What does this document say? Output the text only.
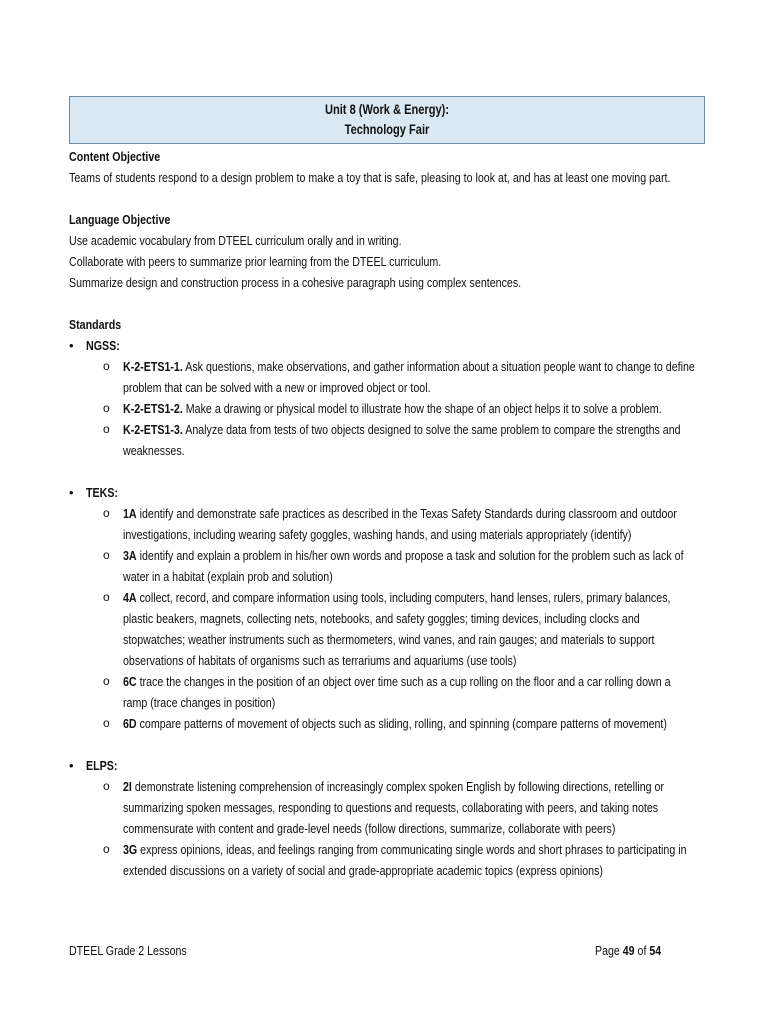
Unit 8 (Work & Energy):
Technology Fair
Content Objective
Teams of students respond to a design problem to make a toy that is safe, pleasing to look at, and has at least one moving part.
Language Objective
Use academic vocabulary from DTEEL curriculum orally and in writing.
Collaborate with peers to summarize prior learning from the DTEEL curriculum.
Summarize design and construction process in a cohesive paragraph using complex sentences.
Standards
• NGSS:
o K-2-ETS1-1. Ask questions, make observations, and gather information about a situation people want to change to define problem that can be solved with a new or improved object or tool.
o K-2-ETS1-2. Make a drawing or physical model to illustrate how the shape of an object helps it to solve a problem.
o K-2-ETS1-3. Analyze data from tests of two objects designed to solve the same problem to compare the strengths and weaknesses.
• TEKS:
o 1A identify and demonstrate safe practices as described in the Texas Safety Standards during classroom and outdoor investigations, including wearing safety goggles, washing hands, and using materials appropriately (identify)
o 3A identify and explain a problem in his/her own words and propose a task and solution for the problem such as lack of water in a habitat (explain prob and solution)
o 4A collect, record, and compare information using tools, including computers, hand lenses, rulers, primary balances, plastic beakers, magnets, collecting nets, notebooks, and safety goggles; timing devices, including clocks and stopwatches; weather instruments such as thermometers, wind vanes, and rain gauges; and materials to support observations of habitats of organisms such as terrariums and aquariums (use tools)
o 6C trace the changes in the position of an object over time such as a cup rolling on the floor and a car rolling down a ramp (trace changes in position)
o 6D compare patterns of movement of objects such as sliding, rolling, and spinning (compare patterns of movement)
• ELPS:
o 2I demonstrate listening comprehension of increasingly complex spoken English by following directions, retelling or summarizing spoken messages, responding to questions and requests, collaborating with peers, and taking notes commensurate with content and grade-level needs (follow directions, summarize, collaborate with peers)
o 3G express opinions, ideas, and feelings ranging from communicating single words and short phrases to participating in extended discussions on a variety of social and grade-appropriate academic topics (express opinions)
DTEEL Grade 2 Lessons	Page 49 of 54
